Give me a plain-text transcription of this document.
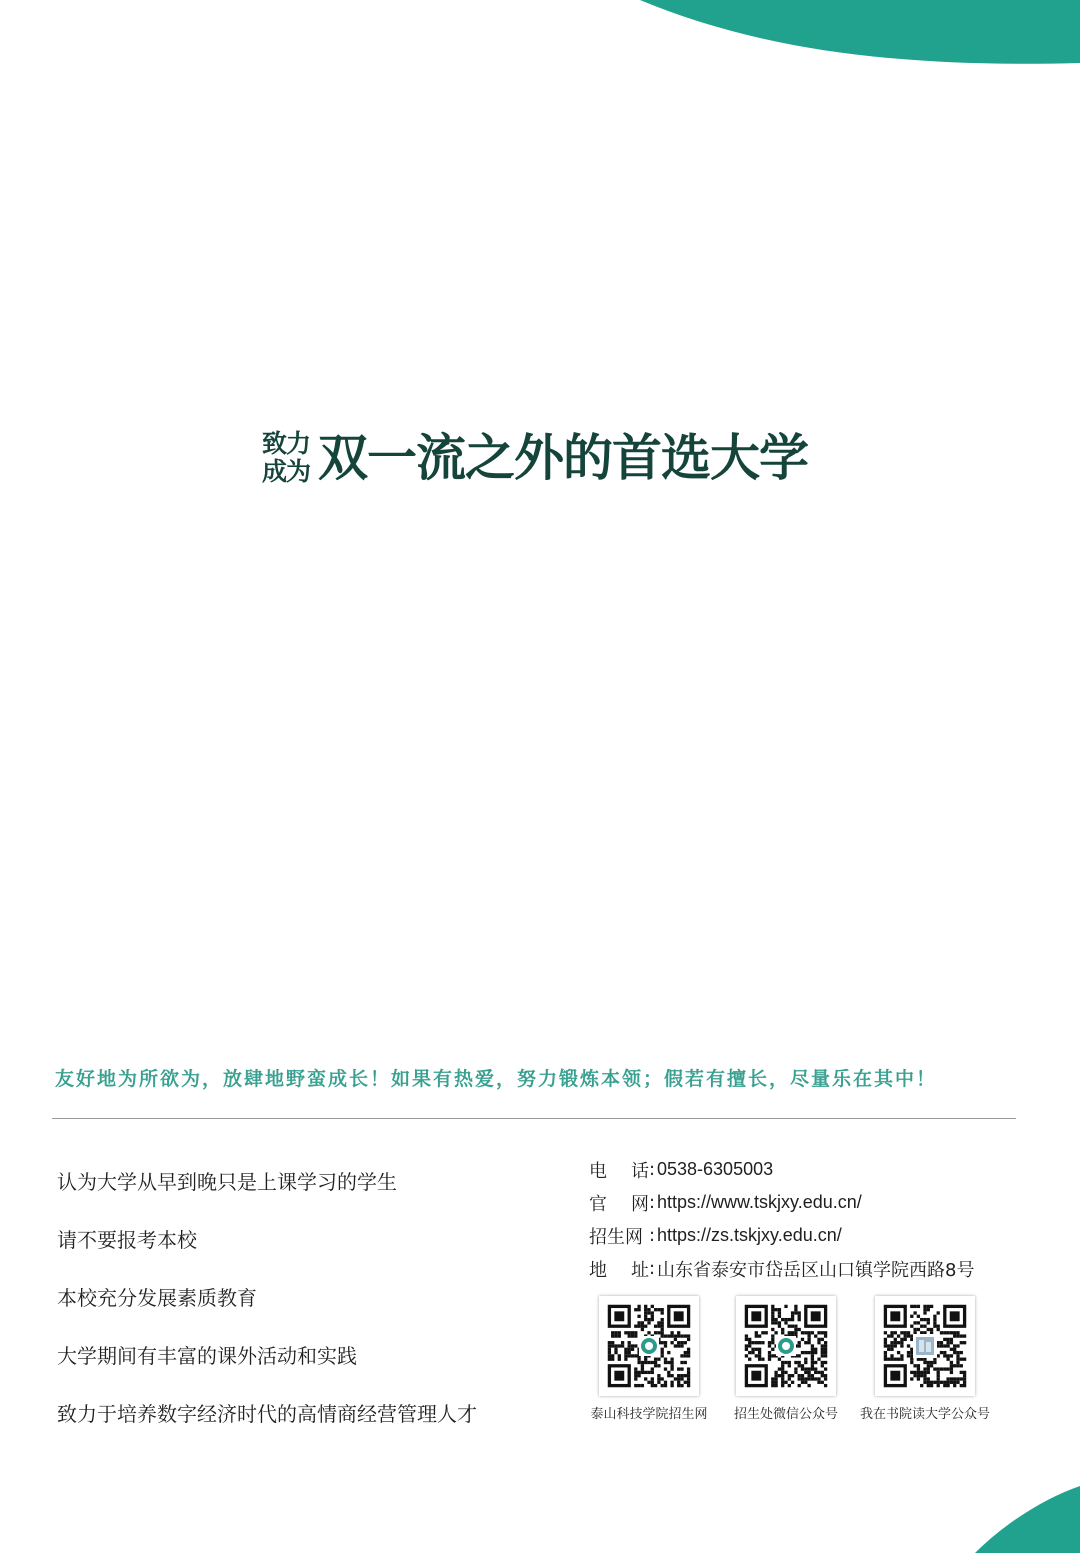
致力
成为 双一流之外的首选大学
友好地为所欲为，放肆地野蛮成长！如果有热爱，努力锻炼本领；假若有擅长，尽量乐在其中！
认为大学从早到晚只是上课学习的学生
请不要报考本校
本校充分发展素质教育
大学期间有丰富的课外活动和实践
致力于培养数字经济时代的高情商经营管理人才
电 话 : 0538-6305003
官 网 : https://www.tskjxy.edu.cn/
招生网 : https://zs.tskjxy.edu.cn/
地 址 : 山东省泰安市岱岳区山口镇学院西路8号
泰山科技学院招生网	招生处微信公众号	我在书院读大学公众号
